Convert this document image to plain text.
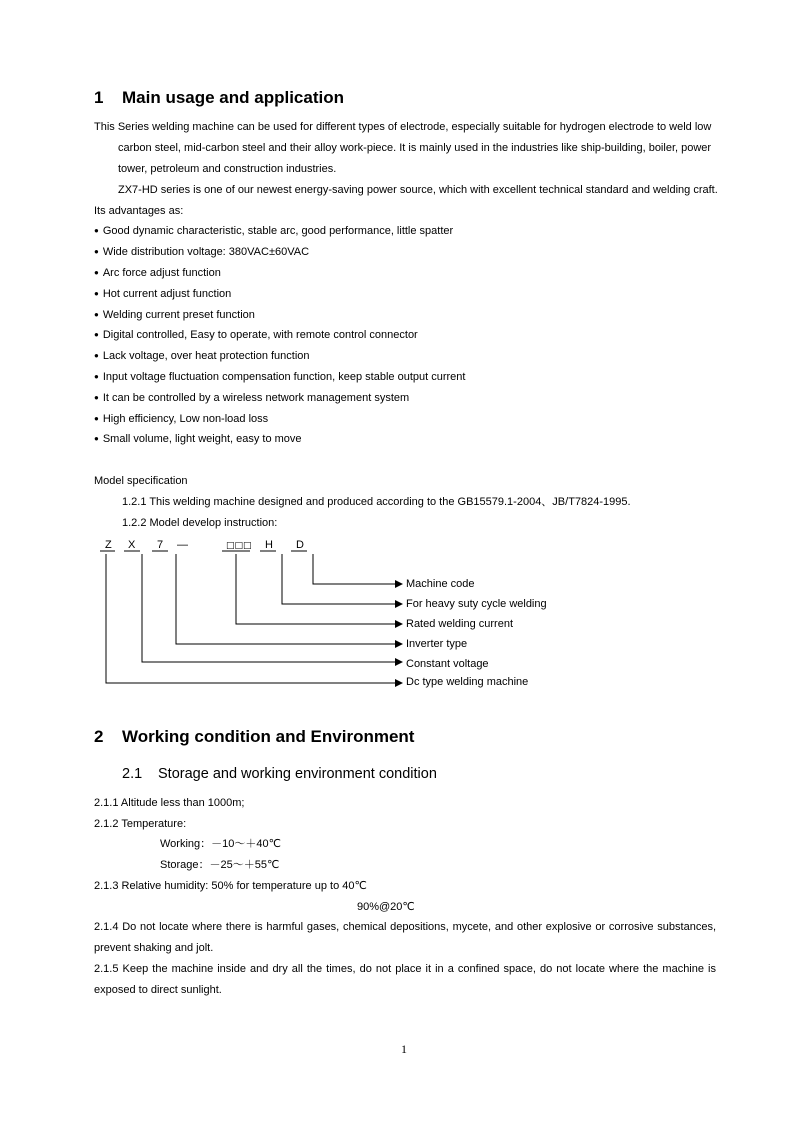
1 Main usage and application
This Series welding machine can be used for different types of electrode, especially suitable for hydrogen electrode to weld low
carbon steel, mid-carbon steel and their alloy work-piece. It is mainly used in the industries like ship-building, boiler, power
tower, petroleum and construction industries.
ZX7-HD series is one of our newest energy-saving power source, which with excellent technical standard and welding craft.
Its advantages as:
● Good dynamic characteristic, stable arc, good performance, little spatter
● Wide distribution voltage: 380VAC±60VAC
● Arc force adjust function
● Hot current adjust function
● Welding current preset function
● Digital controlled, Easy to operate, with remote control connector
● Lack voltage, over heat protection function
● Input voltage fluctuation compensation function, keep stable output current
● It can be controlled by a wireless network management system
● High efficiency, Low non-load loss
● Small volume, light weight, easy to move
Model specification
1.2.1 This welding machine designed and produced according to the GB15579.1-2004、JB/T7824-1995.
1.2.2 Model develop instruction:
Z X 7 —	□□□ H D
Machine code
For heavy suty cycle welding
Rated welding current
Inverter type
Constant voltage
Dc type welding machine
2 Working condition and Environment
2.1 Storage and working environment condition
2.1.1 Altitude less than 1000m;
2.1.2 Temperature:
Working：－10～＋40℃
Storage：－25～＋55℃
2.1.3 Relative humidity: 50% for temperature up to 40℃
90%@20℃
2.1.4 Do not locate where there is harmful gases, chemical depositions, mycete, and other explosive or corrosive substances,
prevent shaking and jolt.
2.1.5 Keep the machine inside and dry all the times, do not place it in a confined space, do not locate where the machine is
exposed to direct sunlight.
1
